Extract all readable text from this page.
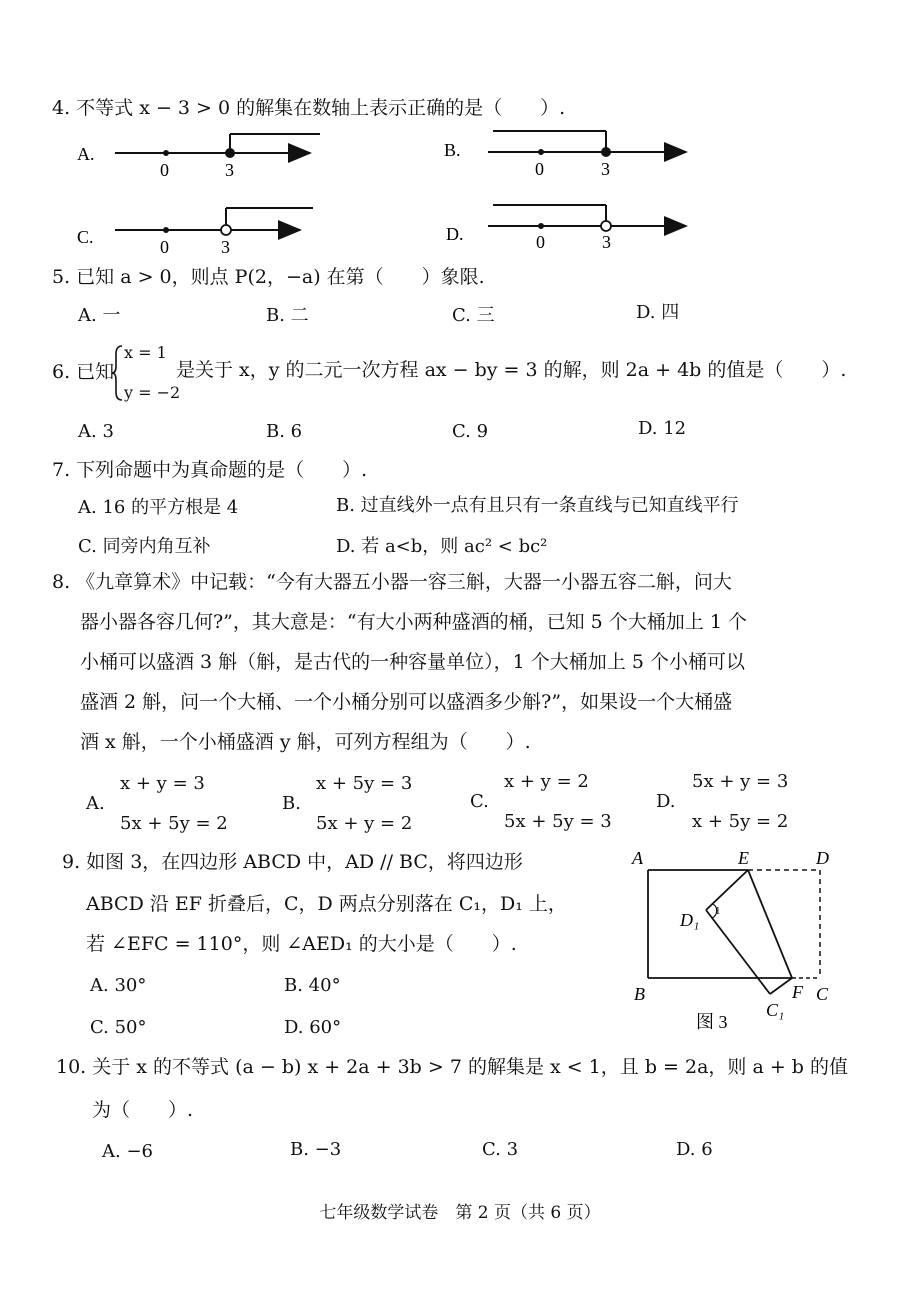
4. 不等式 x − 3 > 0 的解集在数轴上表示正确的是（　　）.
A.
0	3
B.
0	3
C.	0	3
D.	0	3
5. 已知 a > 0，则点 P(2，−a) 在第（　　）象限.
A. 一	B. 二	C. 三	D. 四
6. 已知
x = 1
y = −2
是关于 x，y 的二元一次方程 ax − by = 3 的解，则 2a + 4b 的值是（　　）.
A. 3	B. 6	C. 9	D. 12
7. 下列命题中为真命题的是（　　）.
A. 16 的平方根是 4	B. 过直线外一点有且只有一条直线与已知直线平行
C. 同旁内角互补	D. 若 a<b，则 ac² < bc²
8. 《九章算术》中记载：“今有大器五小器一容三斛，大器一小器五容二斛，问大
器小器各容几何?”，其大意是：“有大小两种盛酒的桶，已知 5 个大桶加上 1 个
小桶可以盛酒 3 斛（斛，是古代的一种容量单位），1 个大桶加上 5 个小桶可以
盛酒 2 斛，问一个大桶、一个小桶分别可以盛酒多少斛?”，如果设一个大桶盛
酒 x 斛，一个小桶盛酒 y 斛，可列方程组为（　　）.
A.
x + y = 3
5x + 5y = 2
B.
x + 5y = 3
5x + y = 2
C.
x + y = 2
5x + 5y = 3
D.
5x + y = 3
x + 5y = 2
9. 如图 3，在四边形 ABCD 中，AD // BC，将四边形
ABCD 沿 EF 折叠后，C，D 两点分别落在 C₁，D₁ 上，
若 ∠EFC = 110°，则 ∠AED₁ 的大小是（　　）.
A. 30°	B. 40°
C. 50°	D. 60°
1
A	E	D
D₁
B	F C
C₁
图 3
10. 关于 x 的不等式 (a − b) x + 2a + 3b > 7 的解集是 x < 1，且 b = 2a，则 a + b 的值
为（　　）.
A. −6	B. −3	C. 3	D. 6
七年级数学试卷　第 2 页（共 6 页）
